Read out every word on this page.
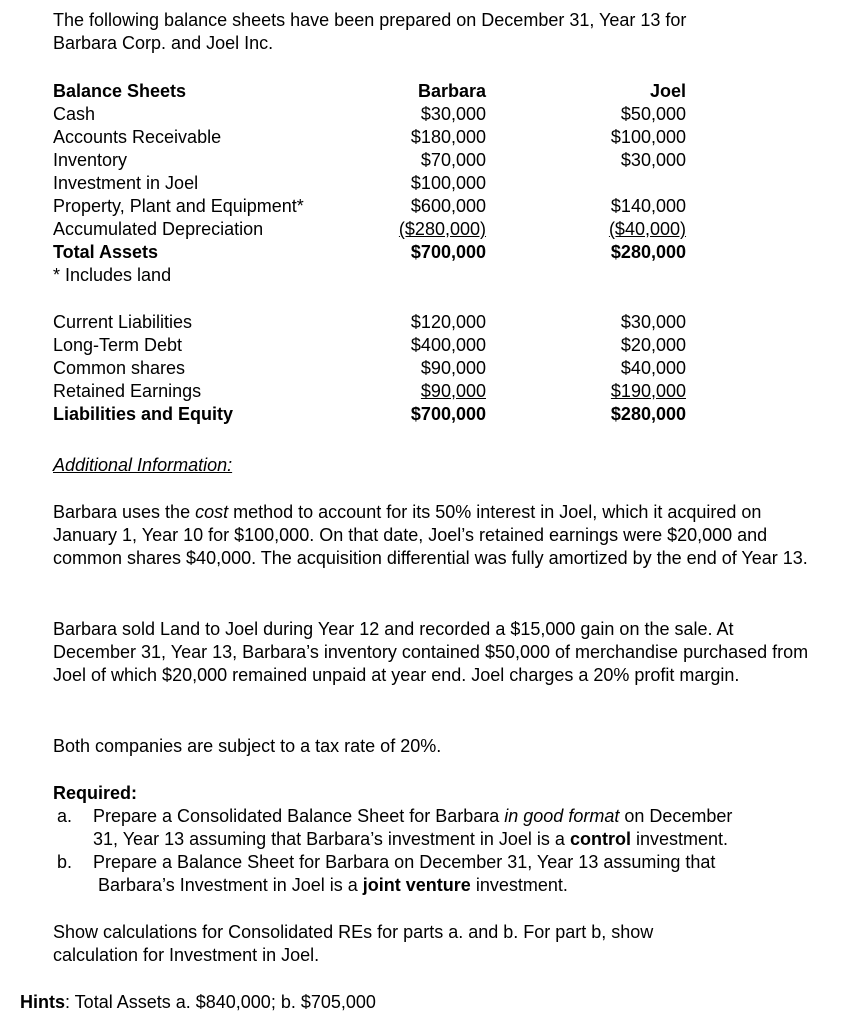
The following balance sheets have been prepared on December 31, Year 13 for
Barbara Corp. and Joel Inc.
Balance Sheets	Barbara	Joel
Cash	$30,000	$50,000
Accounts Receivable	$180,000	$100,000
Inventory	$70,000	$30,000
Investment in Joel	$100,000
Property, Plant and Equipment*	$600,000	$140,000
Accumulated Depreciation	($280,000)	($40,000)
Total Assets	$700,000	$280,000
* Includes land
Current Liabilities	$120,000	$30,000
Long-Term Debt	$400,000	$20,000
Common shares	$90,000	$40,000
Retained Earnings	$90,000	$190,000
Liabilities and Equity	$700,000	$280,000
Additional Information:
Barbara uses the cost method to account for its 50% interest in Joel, which it acquired on January 1, Year 10 for $100,000. On that date, Joel’s retained earnings were $20,000 and common shares $40,000. The acquisition differential was fully amortized by the end of Year 13.
Barbara sold Land to Joel during Year 12 and recorded a $15,000 gain on the sale. At December 31, Year 13, Barbara’s inventory contained $50,000 of merchandise purchased from Joel of which $20,000 remained unpaid at year end. Joel charges a 20% profit margin.
Both companies are subject to a tax rate of 20%.
Required:
a. Prepare a Consolidated Balance Sheet for Barbara in good format on December
31, Year 13 assuming that Barbara’s investment in Joel is a control investment.
b. Prepare a Balance Sheet for Barbara on December 31, Year 13 assuming that
Barbara’s Investment in Joel is a joint venture investment.
Show calculations for Consolidated REs for parts a. and b. For part b, show
calculation for Investment in Joel.
Hints: Total Assets a. $840,000; b. $705,000
